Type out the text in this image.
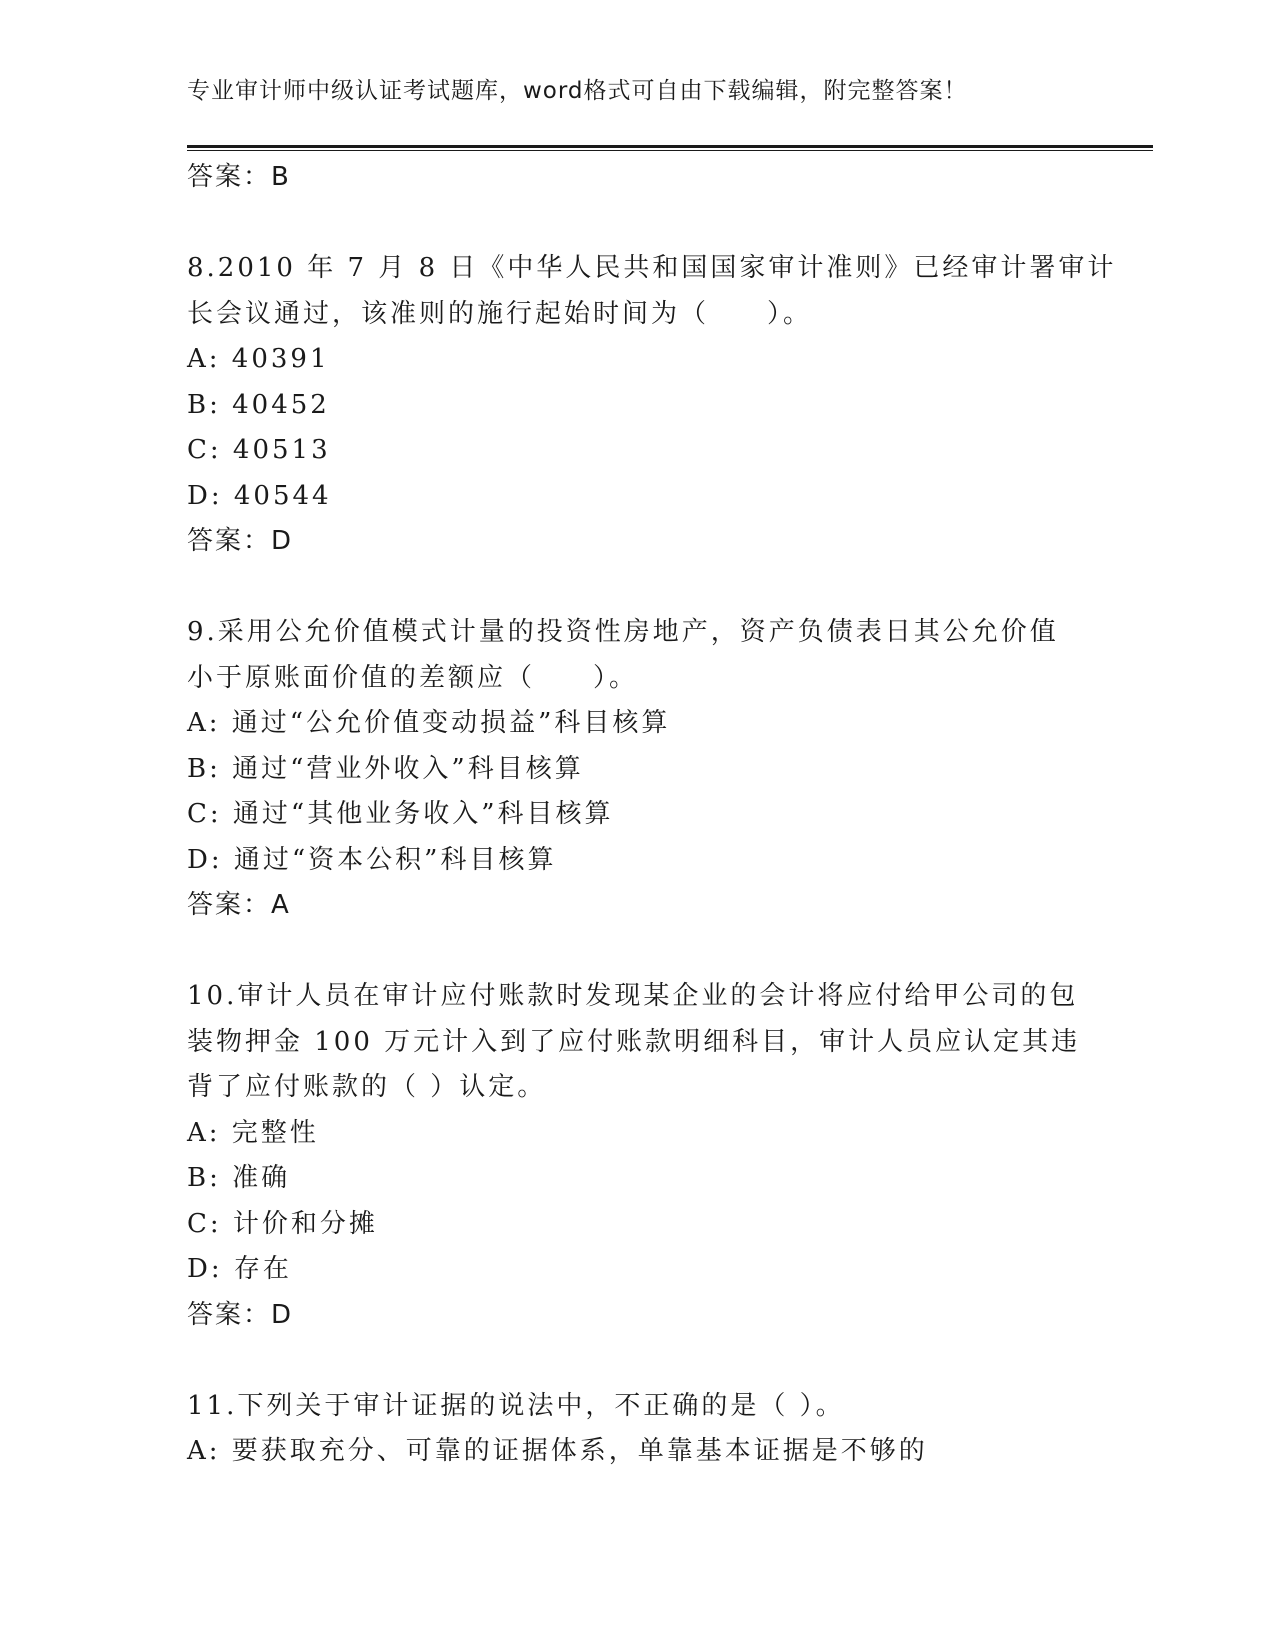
专业审计师中级认证考试题库，word格式可自由下载编辑，附完整答案！
答案：B
8.2010 年 7 月 8 日《中华人民共和国国家审计准则》已经审计署审计
长会议通过，该准则的施行起始时间为（　　）。
A: 40391
B: 40452
C: 40513
D: 40544
答案：D
9.采用公允价值模式计量的投资性房地产，资产负债表日其公允价值
小于原账面价值的差额应（　　）。
A: 通过“公允价值变动损益”科目核算
B: 通过“营业外收入”科目核算
C: 通过“其他业务收入”科目核算
D: 通过“资本公积”科目核算
答案：A
10.审计人员在审计应付账款时发现某企业的会计将应付给甲公司的包
装物押金 100 万元计入到了应付账款明细科目，审计人员应认定其违
背了应付账款的（ ）认定。
A: 完整性
B: 准确
C: 计价和分摊
D: 存在
答案：D
11.下列关于审计证据的说法中，不正确的是（ ）。
A: 要获取充分、可靠的证据体系，单靠基本证据是不够的
